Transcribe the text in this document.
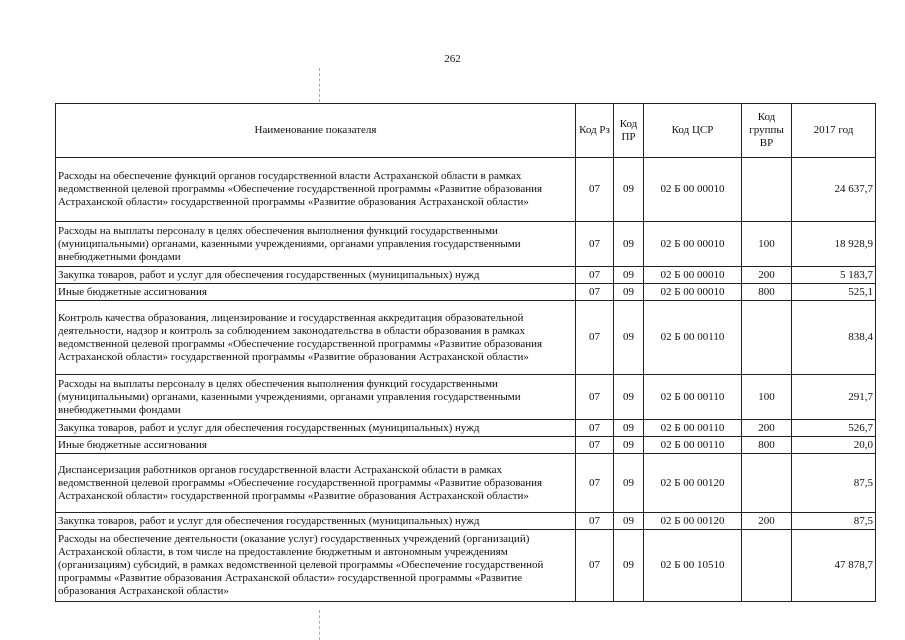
262
Наименование показателя	Код Рз	Код ПР	Код ЦСР	Код группы ВР	2017 год
Расходы на обеспечение функций органов государственной власти Астраханской области в рамках ведомственной целевой программы «Обеспечение государственной программы «Развитие образования Астраханской области» государственной программы «Развитие образования Астраханской области»	07	09	02 Б 00 00010		24 637,7
Расходы на выплаты персоналу в целях обеспечения выполнения функций государственными (муниципальными) органами, казенными учреждениями, органами управления государственными внебюджетными фондами	07	09	02 Б 00 00010	100	18 928,9
Закупка товаров, работ и услуг для обеспечения государственных (муниципальных) нужд	07	09	02 Б 00 00010	200	5 183,7
Иные бюджетные ассигнования	07	09	02 Б 00 00010	800	525,1
Контроль качества образования, лицензирование и государственная аккредитация образовательной деятельности, надзор и контроль за соблюдением законодательства в области образования в рамках ведомственной целевой программы «Обеспечение государственной программы «Развитие образования Астраханской области» государственной программы «Развитие образования Астраханской области»	07	09	02 Б 00 00110		838,4
Расходы на выплаты персоналу в целях обеспечения выполнения функций государственными (муниципальными) органами, казенными учреждениями, органами управления государственными внебюджетными фондами	07	09	02 Б 00 00110	100	291,7
Закупка товаров, работ и услуг для обеспечения государственных (муниципальных) нужд	07	09	02 Б 00 00110	200	526,7
Иные бюджетные ассигнования	07	09	02 Б 00 00110	800	20,0
Диспансеризация работников органов государственной власти Астраханской области в рамках ведомственной целевой программы «Обеспечение государственной программы «Развитие образования Астраханской области» государственной программы «Развитие образования Астраханской области»	07	09	02 Б 00 00120		87,5
Закупка товаров, работ и услуг для обеспечения государственных (муниципальных) нужд	07	09	02 Б 00 00120	200	87,5
Расходы на обеспечение деятельности (оказание услуг) государственных учреждений (организаций) Астраханской области, в том числе на предоставление бюджетным и автономным учреждениям (организациям) субсидий, в рамках ведомственной целевой программы «Обеспечение государственной программы «Развитие образования Астраханской области» государственной программы «Развитие образования Астраханской области»	07	09	02 Б 00 10510		47 878,7
